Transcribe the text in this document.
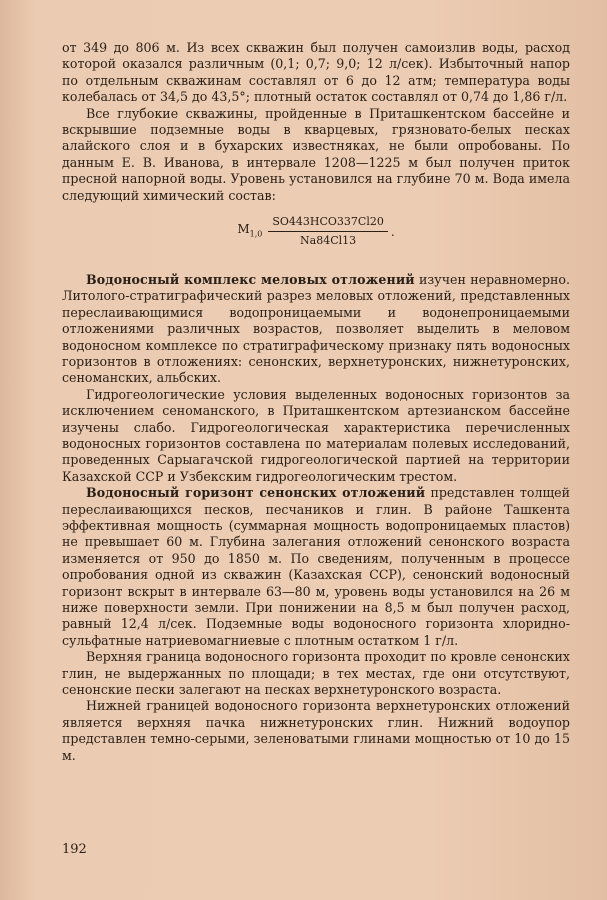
от 349 до 806 м. Из всех скважин был получен самоизлив воды, расход которой оказался различным (0,1; 0,7; 9,0; 12 л/сек). Избыточный напор по отдельным скважинам составлял от 6 до 12 атм; температура воды колебалась от 34,5 до 43,5°; плотный остаток составлял от 0,74 до 1,86 г/л.

Все глубокие скважины, пройденные в Приташкентском бассейне и вскрывшие подземные воды в кварцевых, грязновато-белых песках алайского слоя и в бухарских известняках, не были опробованы. По данным Е. В. Иванова, в интервале 1208—1225 м был получен приток пресной напорной воды. Уровень установился на глубине 70 м. Вода имела следующий химический состав:

$M_{1,0} \frac{\text{SO443HCO337Cl20}}{Na84Cl13}$ .

Водоносный комплекс меловых отложений изучен неравномерно. Литолого-стратиграфический разрез меловых отложений, представленных переслаивающимися водопроницаемыми и водонепроницаемыми отложениями различных возрастов, позволяет выделить в меловом водоносном комплексе по стратиграфическому признаку пять водоносных горизонтов в отложениях: сенонских, верхнетуронских, нижнетуронских, сеноманских, альбских.

Гидрогеологические условия выделенных водоносных горизонтов за исключением сеноманского, в Приташкентском артезианском бассейне изучены слабо. Гидрогеологическая характеристика перечисленных водоносных горизонтов составлена по материалам полевых исследований, проведенных Сарыагачской гидрогеологической партией на территории Казахской ССР и Узбекским гидрогеологическим трестом.

Водоносный горизонт сенонских отложений представлен толщей переслаивающихся песков, песчаников и глин. В районе Ташкента эффективная мощность (суммарная мощность водопроницаемых пластов) не превышает 60 м. Глубина залегания отложений сенонского возраста изменяется от 950 до 1850 м. По сведениям, полученным в процессе опробования одной из скважин (Казахская ССР), сенонский водоносный горизонт вскрыт в интервале 63—80 м, уровень воды установился на 26 м ниже поверхности земли. При понижении на 8,5 м был получен расход, равный 12,4 л/сек. Подземные воды водоносного горизонта хлоридно-сульфатные натриевомагниевые с плотным остатком 1 г/л.

Верхняя граница водоносного горизонта проходит по кровле сенонских глин, не выдержанных по площади; в тех местах, где они отсутствуют, сенонские пески залегают на песках верхнетуронского возраста.

Нижней границей водоносного горизонта верхнетуронских отложений является верхняя пачка нижнетуронских глин. Нижний водоупор представлен темно-серыми, зеленоватыми глинами мощностью от 10 до 15 м.

192
